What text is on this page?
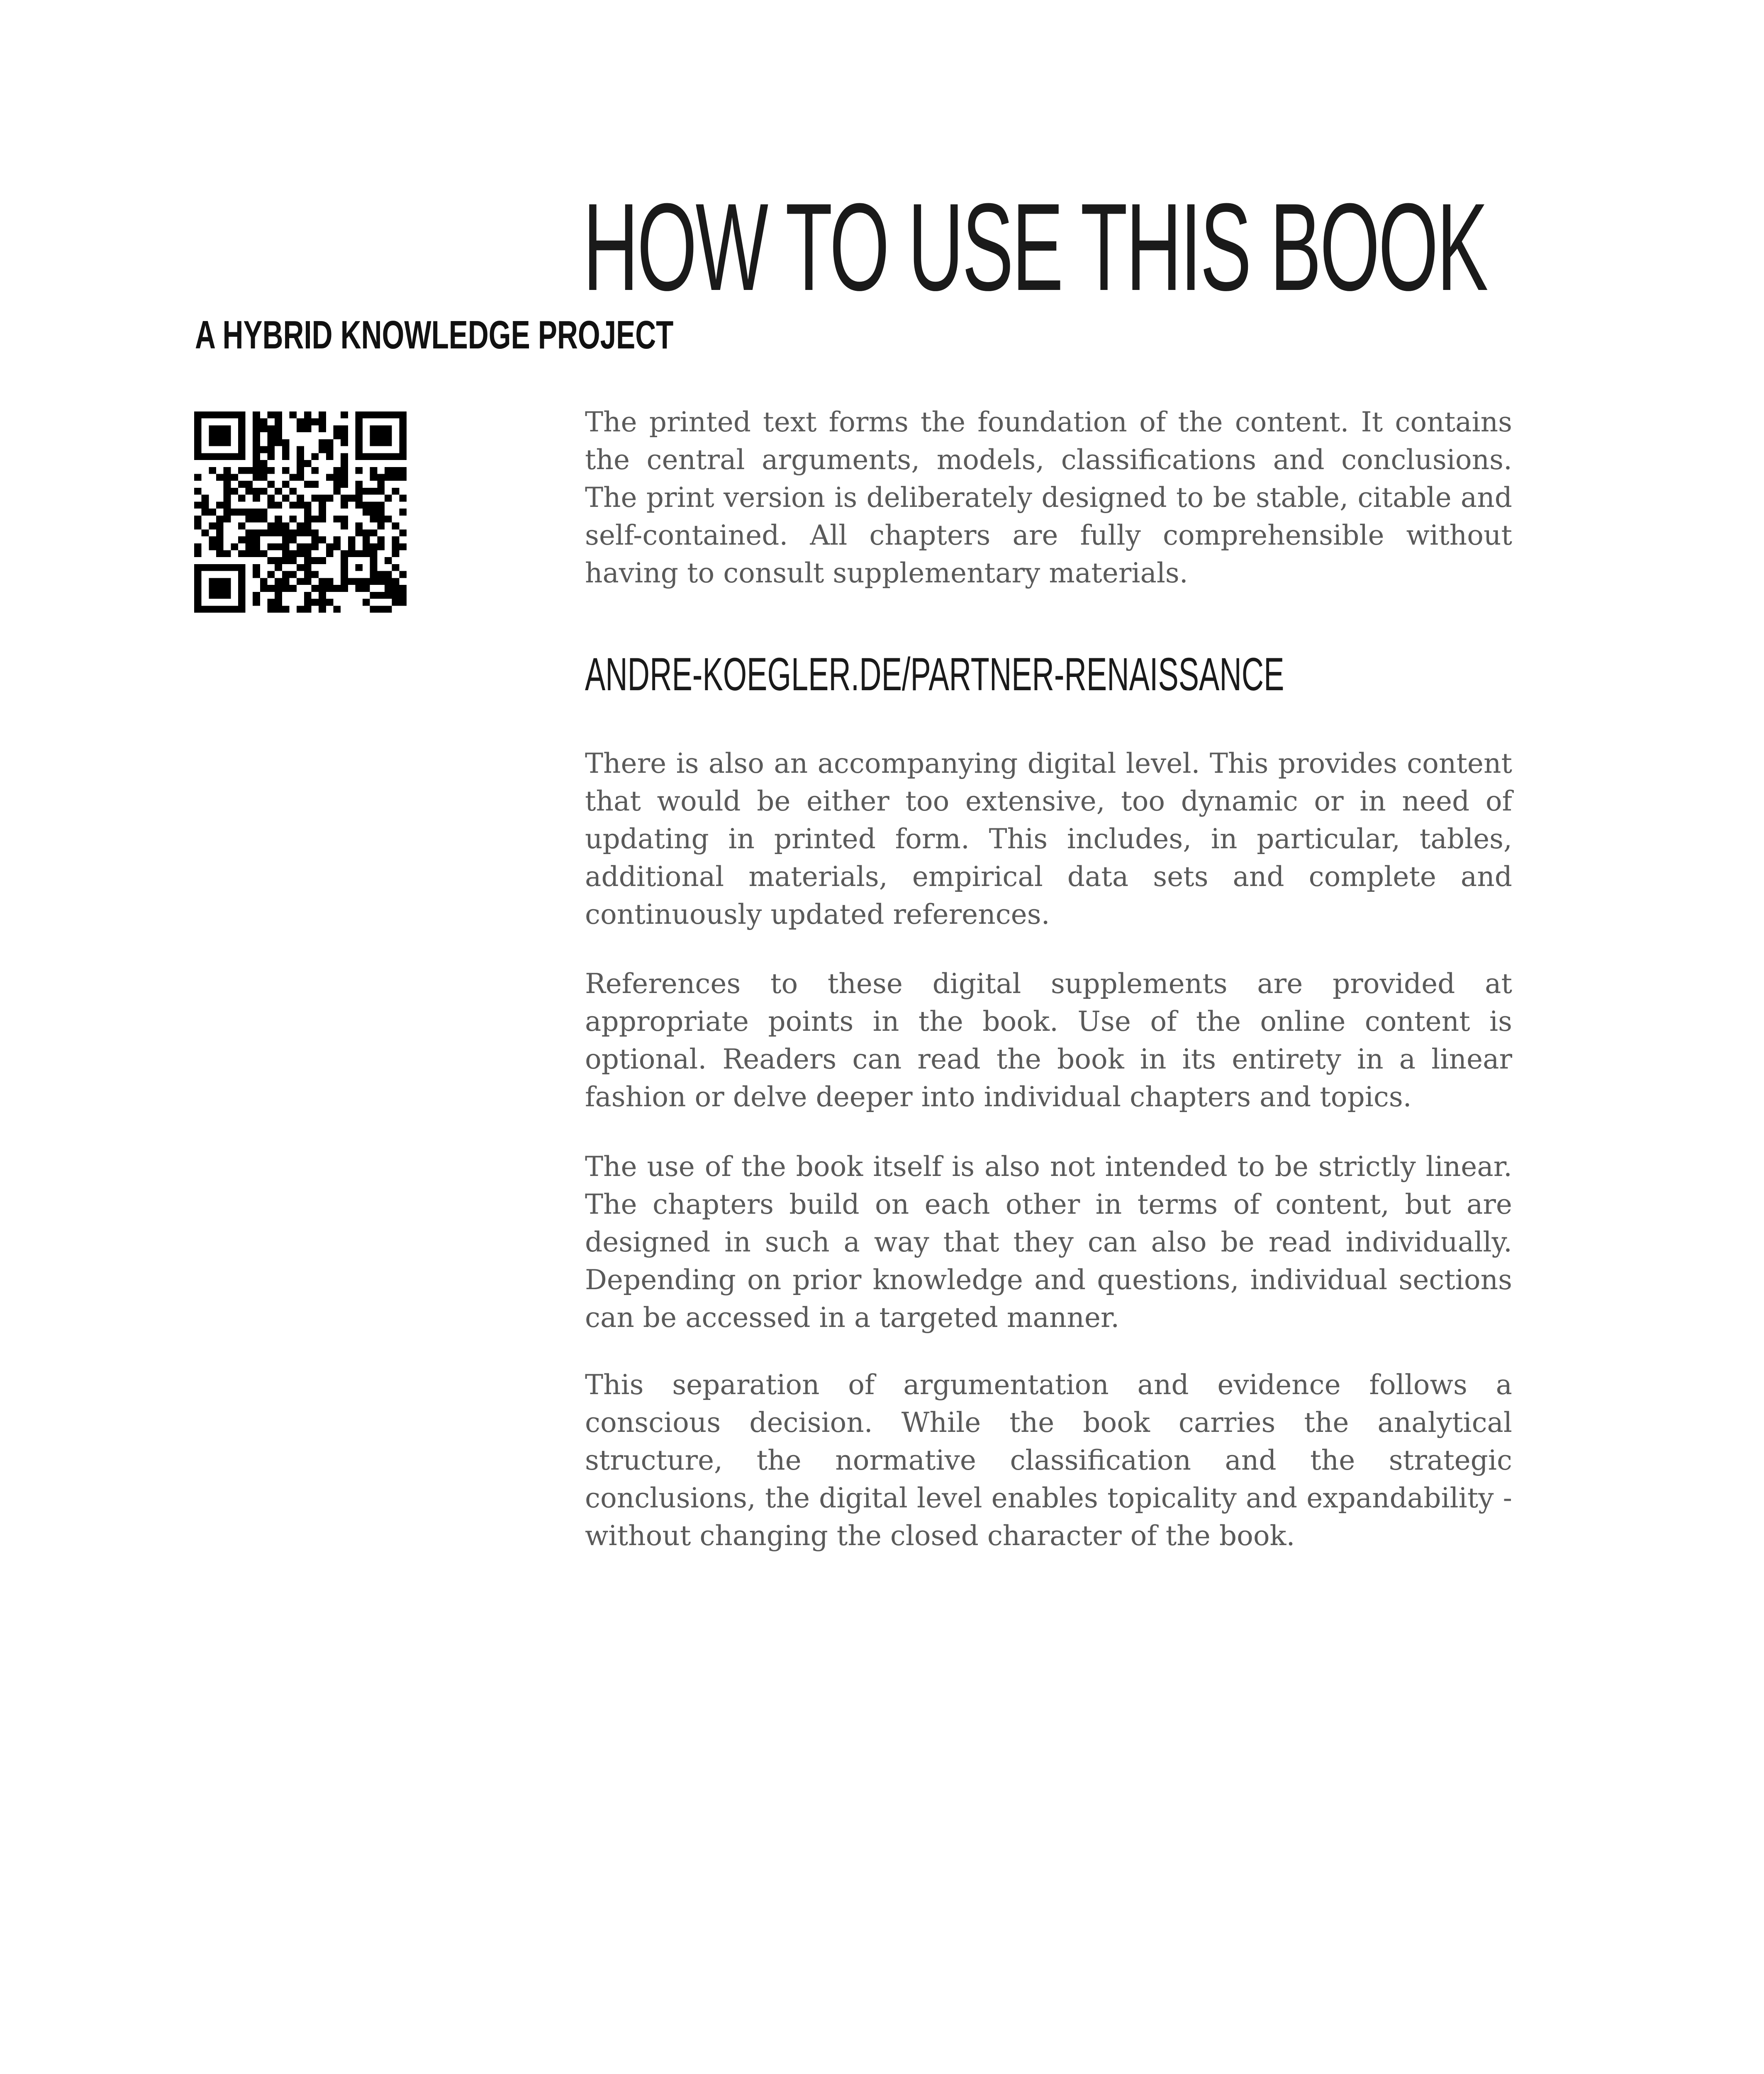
HOW TO USE THIS BOOK
A HYBRID KNOWLEDGE PROJECT

The printed text forms the foundation of the content. It contains the central arguments, models, classifications and conclusions. The print version is deliberately designed to be stable, citable and self-contained. All chapters are fully comprehensible without having to consult supplementary materials.

ANDRE-KOEGLER.DE/PARTNER-RENAISSANCE

There is also an accompanying digital level. This provides content that would be either too extensive, too dynamic or in need of updating in printed form. This includes, in particular, tables, additional materials, empirical data sets and complete and continuously updated references.

References to these digital supplements are provided at appropriate points in the book. Use of the online content is optional. Readers can read the book in its entirety in a linear fashion or delve deeper into individual chapters and topics.

The use of the book itself is also not intended to be strictly linear. The chapters build on each other in terms of content, but are designed in such a way that they can also be read individually. Depending on prior knowledge and questions, individual sections can be accessed in a targeted manner.

This separation of argumentation and evidence follows a conscious decision. While the book carries the analytical structure, the normative classification and the strategic conclusions, the digital level enables topicality and expandability - without changing the closed character of the book.
